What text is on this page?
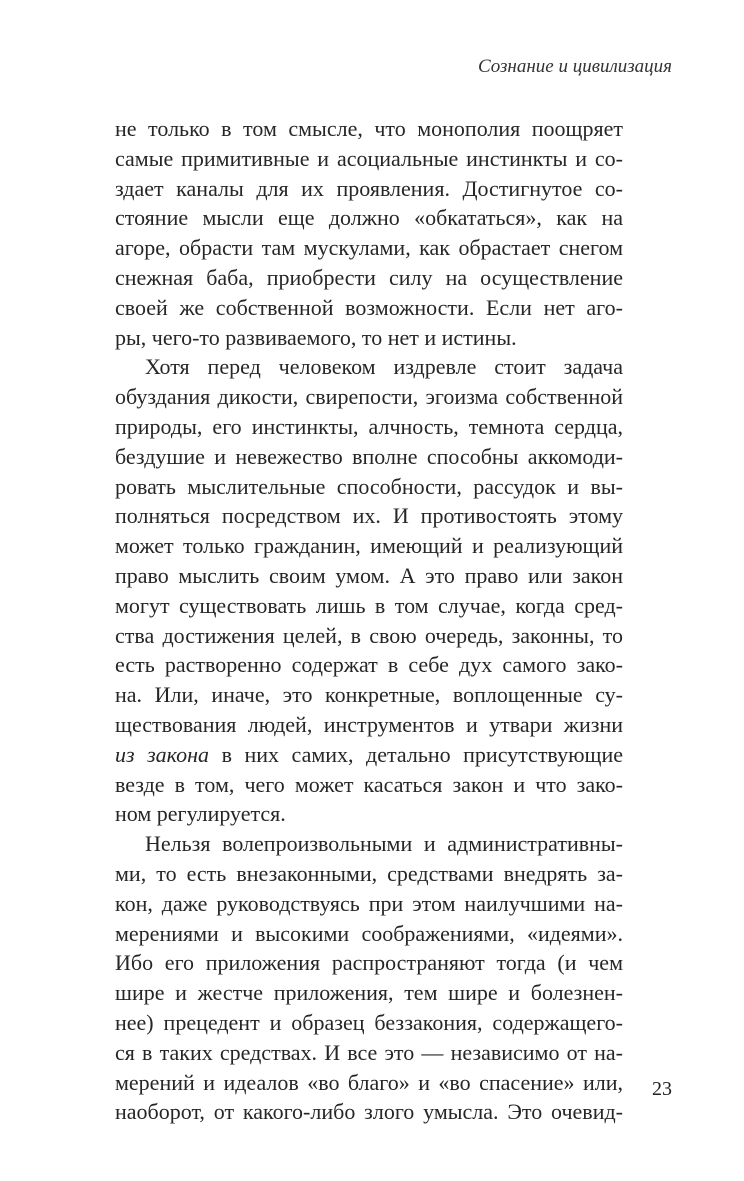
Сознание и цивилизация
не только в том смысле, что монополия поощряет
самые примитивные и асоциальные инстинкты и со-
здает каналы для их проявления. Достигнутое со-
стояние мысли еще должно «обкататься», как на
агоре, обрасти там мускулами, как обрастает снегом
снежная баба, приобрести силу на осуществление
своей же собственной возможности. Если нет аго-
ры, чего-то развиваемого, то нет и истины.
Хотя перед человеком издревле стоит задача
обуздания дикости, свирепости, эгоизма собственной
природы, его инстинкты, алчность, темнота сердца,
бездушие и невежество вполне способны аккомоди-
ровать мыслительные способности, рассудок и вы-
полняться посредством их. И противостоять этому
может только гражданин, имеющий и реализующий
право мыслить своим умом. А это право или закон
могут существовать лишь в том случае, когда сред-
ства достижения целей, в свою очередь, законны, то
есть растворенно содержат в себе дух самого зако-
на. Или, иначе, это конкретные, воплощенные су-
ществования людей, инструментов и утвари жизни
из закона в них самих, детально присутствующие
везде в том, чего может касаться закон и что зако-
ном регулируется.
Нельзя волепроизвольными и административны-
ми, то есть внезаконными, средствами внедрять за-
кон, даже руководствуясь при этом наилучшими на-
мерениями и высокими соображениями, «идеями».
Ибо его приложения распространяют тогда (и чем
шире и жестче приложения, тем шире и болезнен-
нее) прецедент и образец беззакония, содержащего-
ся в таких средствах. И все это — независимо от на-
мерений и идеалов «во благо» и «во спасение» или,
наоборот, от какого-либо злого умысла. Это очевид-
23
